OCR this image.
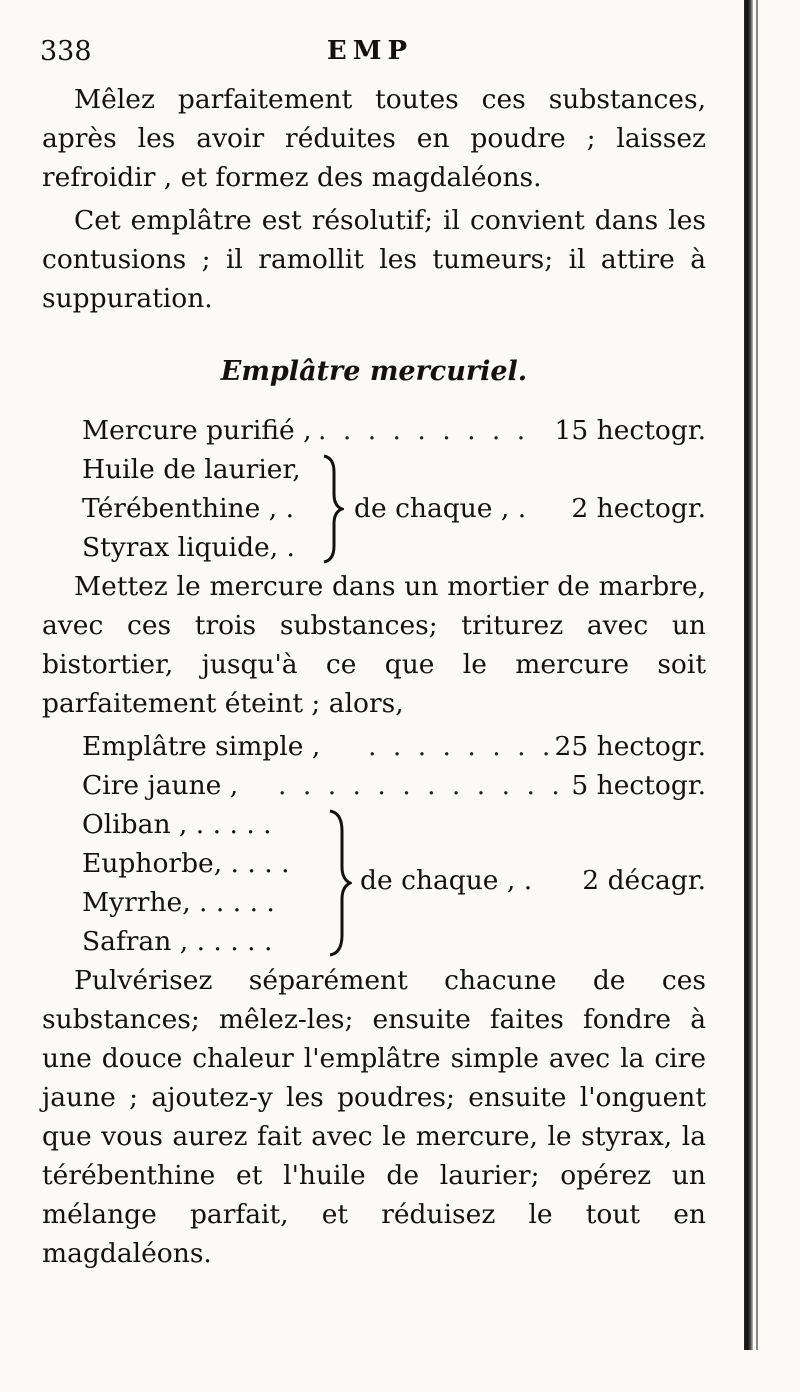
338	EMP

Mêlez parfaitement toutes ces substances, après les avoir réduites en poudre ; laissez refroidir , et formez des magdaléons.

Cet emplâtre est résolutif; il convient dans les contusions ; il ramollit les tumeurs; il attire à suppuration.

Emplâtre mercuriel.
Mercure purifié , . . . . . . . . . 15 hectogr.
Huile de laurier,
Térébenthine , .
Styrax liquide, .
de chaque , . 2 hectogr.

Mettez le mercure dans un mortier de marbre, avec ces trois substances; triturez avec un bistortier, jusqu'à ce que le mercure soit parfaitement éteint ; alors,

Emplâtre simple , . . . . . . . . 25 hectogr.
Cire jaune , . . . . . . . . . . . . 5 hectogr.
Oliban , . . . . .
Euphorbe, . . . .
Myrrhe, . . . . .
Safran , . . . . .
de chaque , . 2 décagr.

Pulvérisez séparément chacune de ces substances; mêlez-les; ensuite faites fondre à une douce chaleur l'emplâtre simple avec la cire jaune ; ajoutez-y les poudres; ensuite l'onguent que vous aurez fait avec le mercure, le styrax, la térébenthine et l'huile de laurier; opérez un mélange parfait, et réduisez le tout en magdaléons.
